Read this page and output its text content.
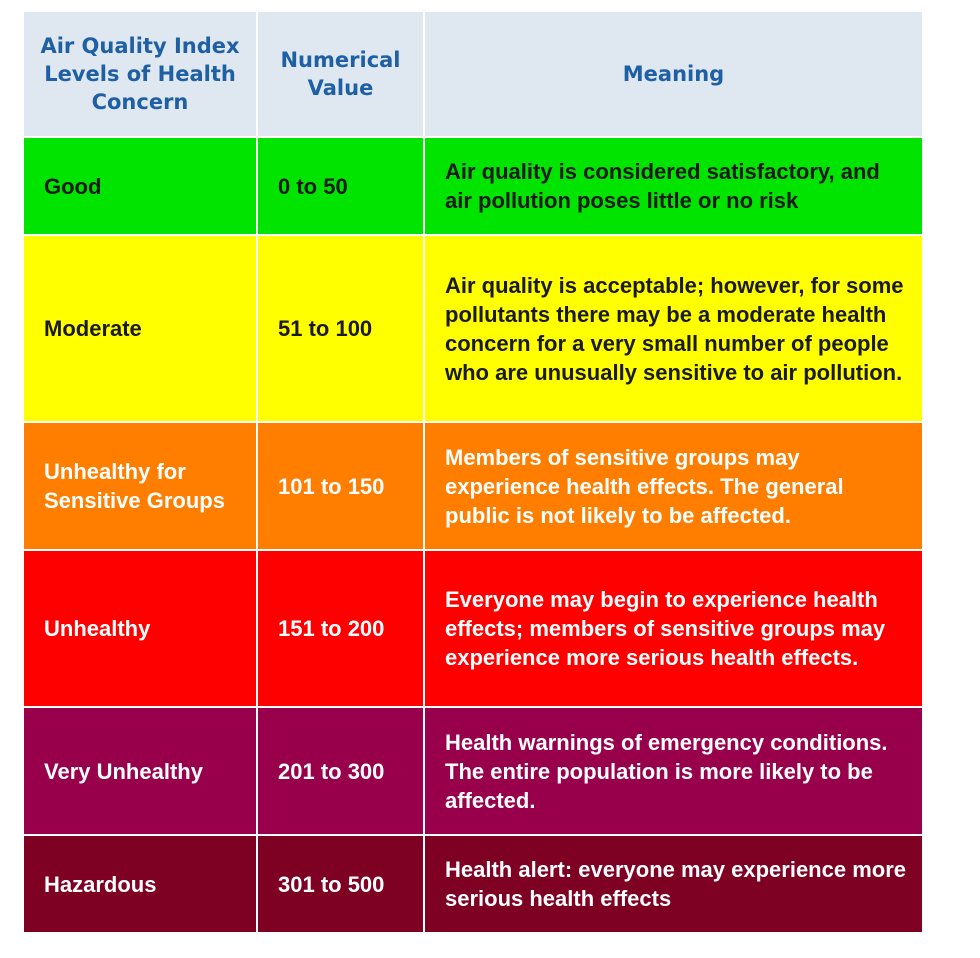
Air Quality Index Levels of Health Concern	Numerical Value	Meaning
Good	0 to 50	Air quality is considered satisfactory, and air pollution poses little or no risk
Moderate	51 to 100	Air quality is acceptable; however, for some pollutants there may be a moderate health concern for a very small number of people who are unusually sensitive to air pollution.
Unhealthy for Sensitive Groups	101 to 150	Members of sensitive groups may experience health effects. The general public is not likely to be affected.
Unhealthy	151 to 200	Everyone may begin to experience health effects; members of sensitive groups may experience more serious health effects.
Very Unhealthy	201 to 300	Health warnings of emergency conditions. The entire population is more likely to be affected.
Hazardous	301 to 500	Health alert: everyone may experience more serious health effects
